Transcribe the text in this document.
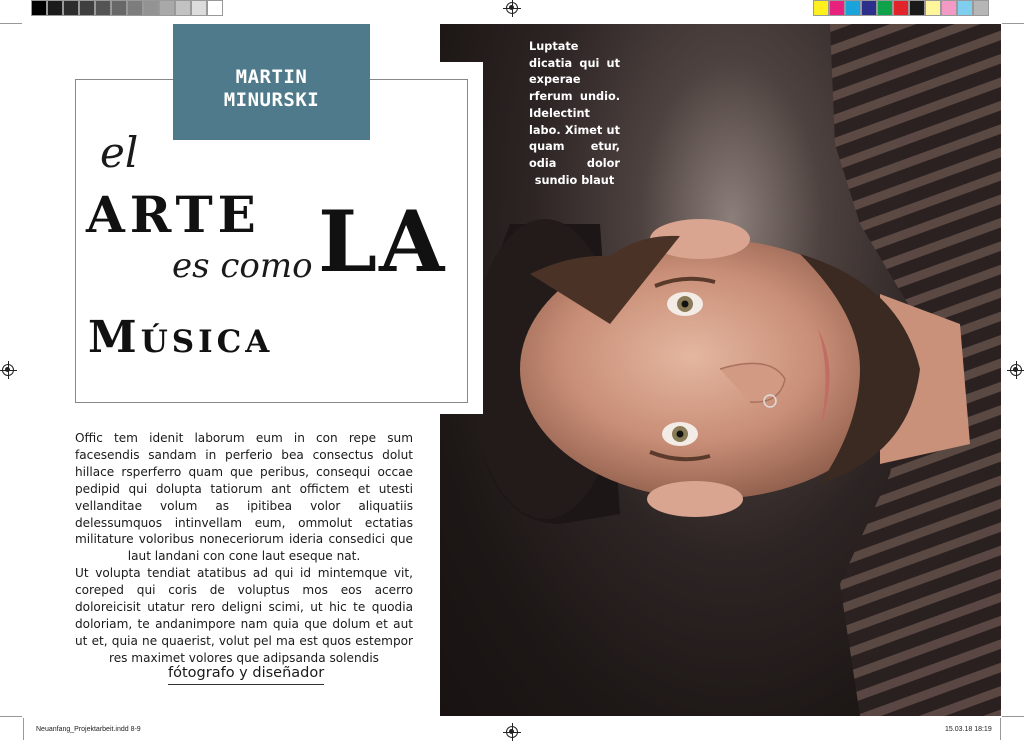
Luptate dicatia qui ut experae rferum undio. Idelectint labo. Ximet ut quam etur, odia dolor sundio blaut
MARTIN
MINURSKI
el
ARTE
es como LA
Música

Offic tem idenit laborum eum in con repe sum facesendis sandam in perferio bea consectus dolut hillace rsperferro quam que peribus, consequi occae pedipid qui dolupta tatiorum ant offictem et utesti vellanditae volum as ipitibea volor aliquatiis delessumquos intinvellam eum, ommolut ectatias militature voloribus noneceriorum ideria consedici que laut landani con cone laut eseque nat.

Ut volupta tendiat atatibus ad qui id mintemque vit, coreped qui coris de voluptus mos eos acerro doloreicisit utatur rero deligni scimi, ut hic te quodia doloriam, te andanimpore nam quia que dolum et aut ut et, quia ne quaerist, volut pel ma est quos estempor res maximet volores que adipsanda solendis

fótografo y diseñador
Neuanfang_Projektarbeit.indd 8-9	15.03.18 18:19
